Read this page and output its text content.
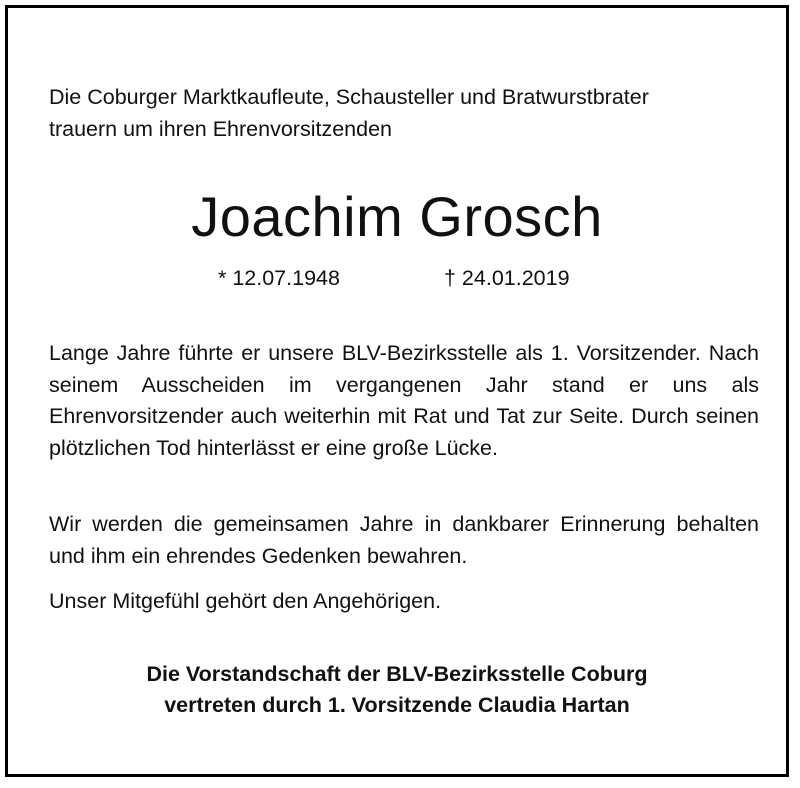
Die Coburger Marktkaufleute, Schausteller und Bratwurstbrater
trauern um ihren Ehrenvorsitzenden
Joachim Grosch
* 12.07.1948	† 24.01.2019

Lange Jahre führte er unsere BLV-Bezirksstelle als 1. Vorsitzender. Nach seinem Ausscheiden im vergangenen Jahr stand er uns als Ehrenvorsitzender auch weiterhin mit Rat und Tat zur Seite. Durch seinen plötzlichen Tod hinterlässt er eine große Lücke.

Wir werden die gemeinsamen Jahre in dankbarer Erinnerung behalten und ihm ein ehrendes Gedenken bewahren.

Unser Mitgefühl gehört den Angehörigen.

Die Vorstandschaft der BLV-Bezirksstelle Coburg
vertreten durch 1. Vorsitzende Claudia Hartan
